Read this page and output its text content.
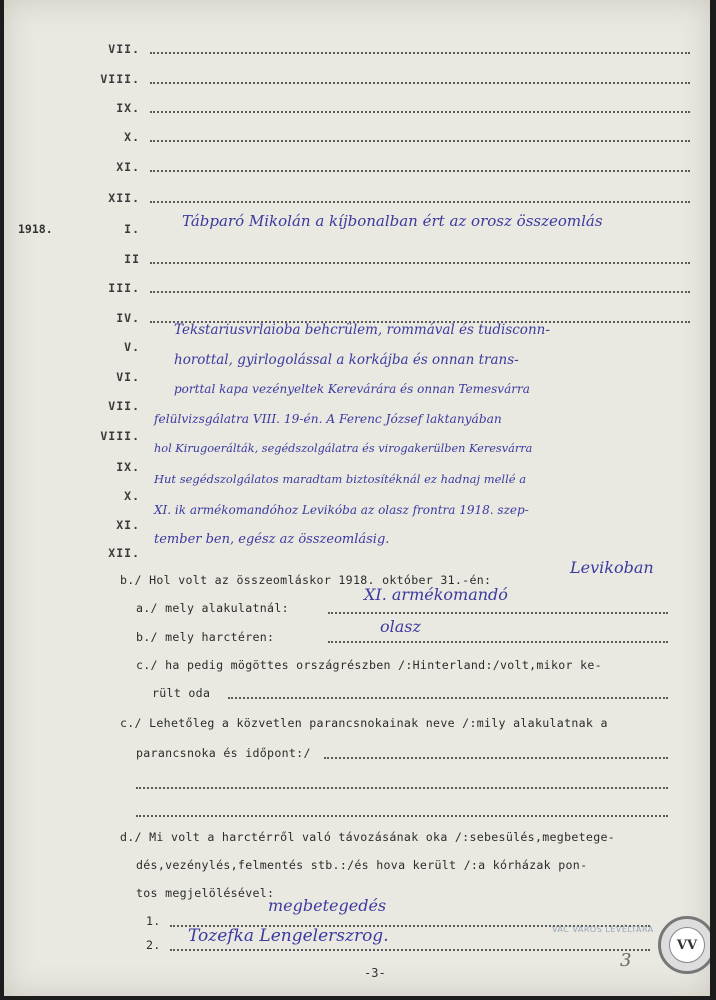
VII.
VIII.
IX.
X.
XI.
XII.
1918.	I.
II
III.
IV.
V.
VI.
VII.
VIII.
IX.
X.
XI.
XII.
Tábparó Mikolán a kíjbonalban ért az orosz összeomlás
Tekstariusvrlaioba behcrülem, rommával és tudisconn-
horottal, gyirlogolással a korkájba és onnan trans-
porttal kapa vezényeltek Kerevárára és onnan Temesvárra
felülvizsgálatra VIII. 19-én. A Ferenc József laktanyában
hol Kirugoerálták, segédszolgálatra és virogakerülben Keresvárra
Hut segédszolgálatos maradtam biztosítéknál ez hadnaj mellé a
XI. ik armékomandóhoz Levikóba az olasz frontra 1918. szep-
tember ben, egész az összeomlásig.
b./ Hol volt az összeomláskor 1918. október 31.-én:
Levikoban
a./ mely alakulatnál:
XI. armékomandó
b./ mely harctéren:
olasz
c./ ha pedig mögöttes országrészben /:Hinterland:/volt,mikor ke-
rült oda
c./ Lehetőleg a közvetlen parancsnokainak neve /:mily alakulatnak a
parancsnoka és időpont:/
d./ Mi volt a harctérről való távozásának oka /:sebesülés,megbetege-
dés,vezénylés,felmentés stb.:/és hova került /:a kórházak pon-
tos megjelölésével:
1.
megbetegedés
2. Tozefka Lengelerszrog.	VÁC VÁROS LEVÉLTÁRA
VV
-3-
3
